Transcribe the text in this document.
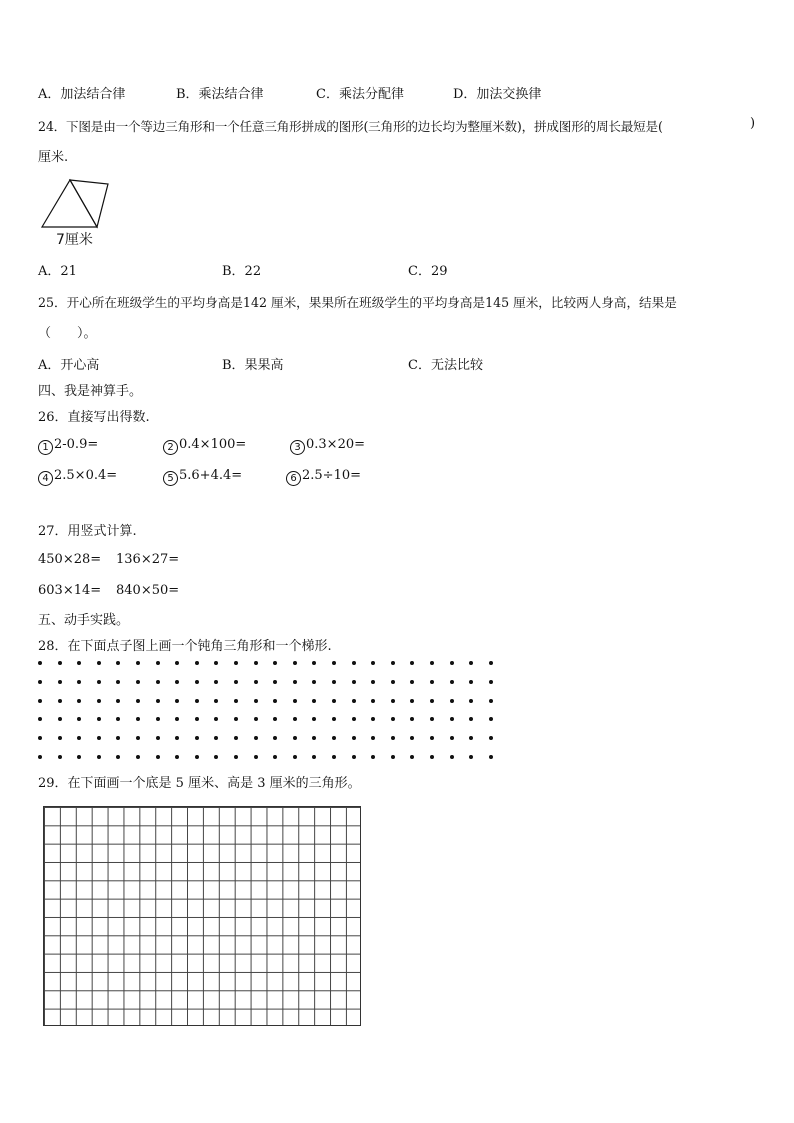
A．加法结合律	B．乘法结合律	C．乘法分配律	D．加法交换律
24．下图是由一个等边三角形和一个任意三角形拼成的图形(三角形的边长均为整厘米数)，拼成图形的周长最短是(	)
厘米.
7厘米
A．21	B．22	C．29
25．开心所在班级学生的平均身高是142 厘米，果果所在班级学生的平均身高是145 厘米，比较两人身高，结果是
（　　）。
A．开心高	B．果果高	C．无法比较
四、我是神算手。
26．直接写出得数.
1 2-0.9=	2 0.4×100=	3 0.3×20=
4 2.5×0.4=	5 5.6+4.4=	6 2.5÷10=
27．用竖式计算.
450×28= 136×27=
603×14= 840×50=
五、动手实践。
28．在下面点子图上画一个钝角三角形和一个梯形.
29．在下面画一个底是 5 厘米、高是 3 厘米的三角形。
